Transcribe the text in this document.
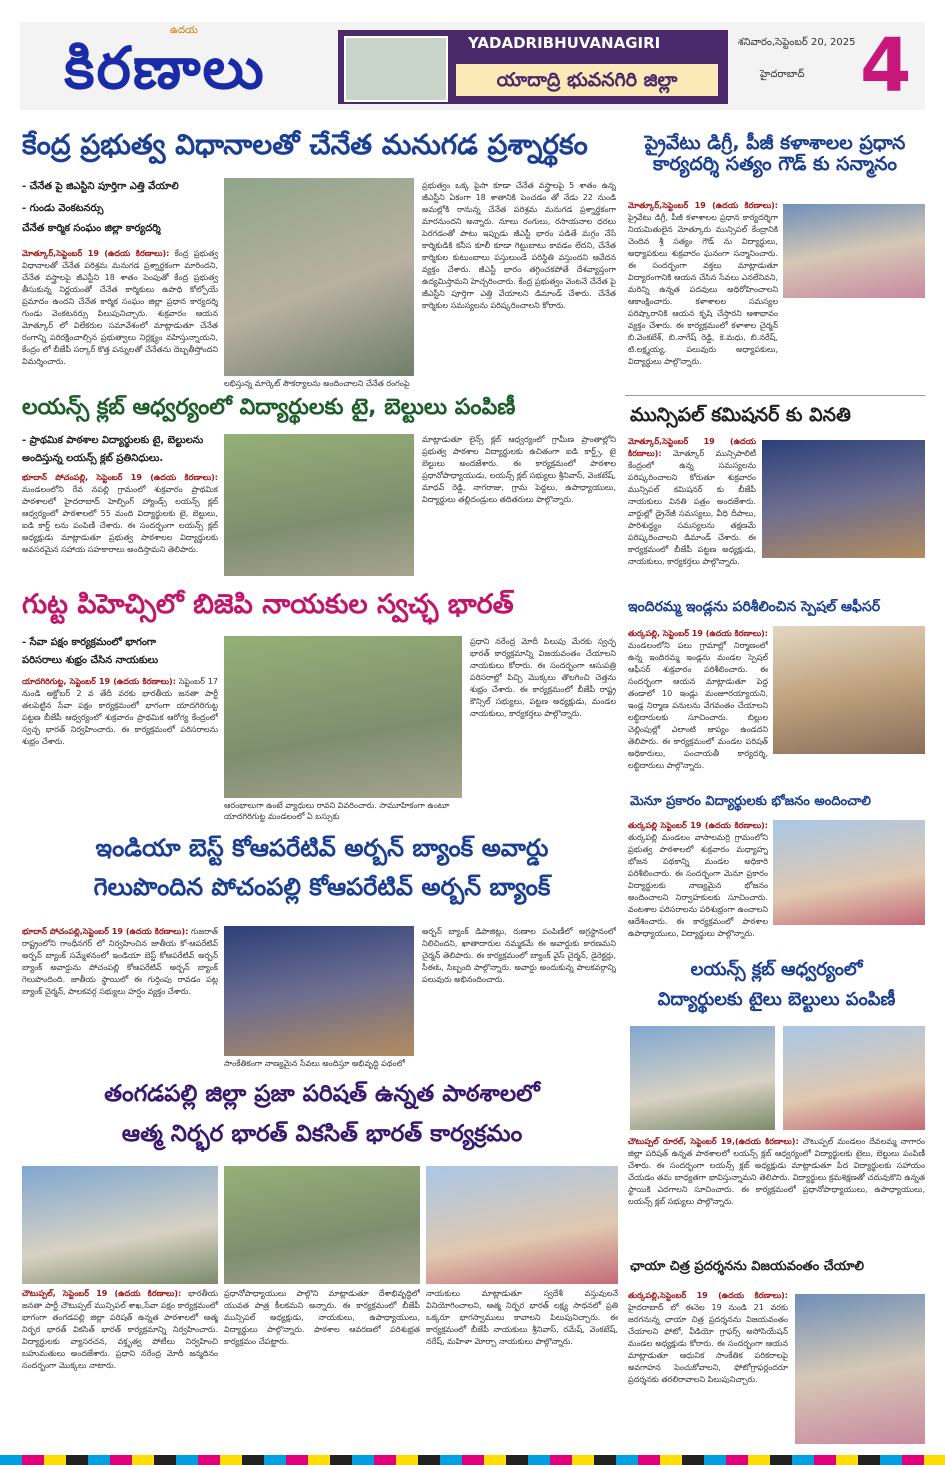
ఉదయ
కిరణాలు	YADADRIBHUVANAGIRI
యాదాద్రి భువనగిరి జిల్లా
శనివారం,సెప్టెంబర్ 20, 2025
హైదరాబాద్ 4
కేంద్ర ప్రభుత్వ విధానాలతో చేనేత మనుగడ ప్రశ్నార్థకం
- చేనేత పై జిఎస్టిని పూర్తిగా ఎత్తి వేయాలి
- గుండు వెంకటనర్సు
చేనేత కార్మిక సంఘం జిల్లా కార్యదర్శి
మోత్కూర్,సెప్టెంబర్ 19 (ఉదయ కిరణాలు): కేంద్ర ప్రభుత్వ విధానాలతో చేనేత పరిశ్రమ మనుగడ ప్రశ్నార్థకంగా మారిందని, చేనేత వస్త్రాలపై జీఎస్టీని 18 శాతం పెంపుతో కేంద్ర ప్రభుత్వ తీసుకున్న నిర్ణయంతో చేనేత కార్మికులు ఉపాధి కోల్పోయే ప్రమాదం ఉందని చేనేత కార్మిక సంఘం జిల్లా ప్రధాన కార్యదర్శి గుండు వెంకటనర్సు పిలుపునిచ్చారు. శుక్రవారం ఆయన మోత్కూర్ లో విలేకరుల సమావేశంలో మాట్లాడుతూ చేనేత రంగాన్ని పరిరక్షించాల్సిన ప్రభుత్వాలు నిర్లక్ష్యం వహిస్తున్నాయని, కేంద్రం లో బీజేపీ సర్కార్ కొత్త పన్నులతో చేనేతను దెబ్బతీస్తోందని విమర్శించారు.
లభిస్తున్న మార్కెట్ సౌకర్యాలను అందించాలని చేనేత రంగంపై
ప్రభుత్వం ఒక్క పైసా కూడా చేనేత వస్త్రాలపై 5 శాతం ఉన్న జీఎస్టీని ఏకంగా 18 శాతానికి పెంచడం తో నేడు 22 నుండి అమల్లోకి రానున్న చేనేత పరిశ్రమ మనుగడ ప్రశ్నార్థకంగా మారనుందని అన్నారు. నూలు రంగులు, రసాయనాల ధరలు పెరగడంతో పాటు ఇప్పుడు జీఎస్టీ భారం పడితే మగ్గం నేసే కార్మికుడికి కనీస కూలీ కూడా గిట్టుబాటు కావడం లేదని, చేనేత కార్మికుల కుటుంబాలు పస్తులుండే పరిస్థితి వస్తుందని ఆవేదన వ్యక్తం చేశారు. జీఎస్టీ భారం తగ్గించకపోతే దేశవ్యాప్తంగా ఉద్యమిస్తామని హెచ్చరించారు. కేంద్ర ప్రభుత్వం వెంటనే చేనేత పై జీఎస్టీని పూర్తిగా ఎత్తి వేయాలని డిమాండ్ చేశారు. చేనేత కార్మికుల సమస్యలను పరిష్కరించాలని కోరారు.
ప్రైవేటు డిగ్రీ, పీజీ కళాశాలల ప్రధాన కార్యదర్శి సత్యం గౌడ్ కు సన్మానం
మోత్కూర్,సెప్టెంబర్ 19 (ఉదయ కిరణాలు): ప్రైవేటు డిగ్రీ, పీజీ కళాశాలల ప్రధాన కార్యదర్శిగా నియమితులైన మోత్కూరు మున్సిపల్ కేంద్రానికి చెందిన శ్రీ సత్యం గౌడ్ ను విద్యార్థులు, అధ్యాపకులు శుక్రవారం ఘనంగా సన్మానించారు. ఈ సందర్భంగా వక్తలు మాట్లాడుతూ విద్యారంగానికి ఆయన చేసిన సేవలు ఎనలేనివని, మరిన్ని ఉన్నత పదవులు అధిరోహించాలని ఆకాంక్షించారు. కళాశాలల సమస్యల పరిష్కారానికి ఆయన కృషి చేస్తారని ఆశాభావం వ్యక్తం చేశారు. ఈ కార్యక్రమంలో కళాశాల చైర్మన్ బి.వెంకటేశ్, బి.నాగేష్ రెడ్డి, కె.మధు, బి.నరేష్, టి.లక్ష్మయ్య, పలువురు అధ్యాపకులు, విద్యార్థులు పాల్గొన్నారు.
లయన్స్ క్లబ్ ఆధ్వర్యంలో విద్యార్థులకు టై, బెల్టులు పంపిణీ
- ప్రాథమిక పాఠశాల విద్యార్థులకు టై, బెల్టులను
అందిస్తున్న లయన్స్ క్లబ్ ప్రతినిధులు.
భూదాన్ పోచంపల్లి, సెప్టెంబర్ 19 (ఉదయ కిరణాలు): మండలంలోని రేవ నపల్లి గ్రామంలో శుక్రవారం ప్రాథమిక పాఠశాలలో హైదరాబాద్ హెల్పింగ్ హ్యాండ్స్ లయన్స్ క్లబ్ ఆధ్వర్యంలో పాఠశాలలో 55 మంది విద్యార్థులకు టై, బెల్టులు, ఐడి కార్డ్ లను పంపిణీ చేశారు. ఈ సందర్భంగా లయన్స్ క్లబ్ అధ్యక్షుడు మాట్లాడుతూ ప్రభుత్వ పాఠశాలల విద్యార్థులకు అవసరమైన సహాయ సహకారాలు అందిస్తామని తెలిపారు.
మాట్లాడుతూ లైన్స్ క్లబ్ ఆధ్వర్యంలో గ్రామీణ ప్రాంతాల్లోని ప్రభుత్వ పాఠశాల విద్యార్థులకు ఉచితంగా ఐడి కార్డ్స్, టై బెల్టులు అందజేశారు. ఈ కార్యక్రమంలో పాఠశాల ప్రధానోపాధ్యాయుడు, లయన్స్ క్లబ్ సభ్యులు శ్రీనివాస్, వెంకటేష్, మాధవ్ రెడ్డి, నాగరాజు, గ్రామ పెద్దలు, ఉపాధ్యాయులు, విద్యార్థులు తల్లిదండ్రులు తదితరులు పాల్గొన్నారు.
మున్సిపల్ కమిషనర్ కు వినతి
మోత్కూర్,సెప్టెంబర్ 19 (ఉదయ కిరణాలు): మోత్కూర్ మున్సిపాలిటీ కేంద్రంలో ఉన్న సమస్యలను పరిష్కరించాలని కోరుతూ శుక్రవారం మున్సిపల్ కమిషనర్ కు బీజేపీ నాయకులు వినతి పత్రం అందజేశారు. వార్డుల్లో డ్రైనేజీ సమస్యలు, వీధి దీపాలు, పారిశుద్ధ్యం సమస్యలను తక్షణమే పరిష్కరించాలని డిమాండ్ చేశారు. ఈ కార్యక్రమంలో బీజేపీ పట్టణ అధ్యక్షుడు, నాయకులు, కార్యకర్తలు పాల్గొన్నారు.
గుట్ట పిహెచ్సిలో బిజెపి నాయకుల స్వచ్ఛ భారత్
- సేవా పక్షం కార్యక్రమంలో భాగంగా
పరిసరాలు శుభ్రం చేసిన నాయకులు
యాదగిరిగుట్ట, సెప్టెంబర్ 19 (ఉదయ కిరణాలు): సెప్టెంబర్ 17 నుండి అక్టోబర్ 2 వ తేదీ వరకు భారతీయ జనతా పార్టీ తలపెట్టిన సేవా పక్షం కార్యక్రమంలో భాగంగా యాదగిరిగుట్ట పట్టణ బీజేపీ ఆధ్వర్యంలో శుక్రవారం ప్రాథమిక ఆరోగ్య కేంద్రంలో స్వచ్ఛ భారత్ నిర్వహించారు. ఈ కార్యక్రమంలో పరిసరాలను శుభ్రం చేశారు.
ఆరంభాలుగా ఉంటే వ్యాధులు రావని వివరించారు. సామూహికంగా ఉంటూ యాదగిరిగుట్ట మండలంలో ఏ బస్సుకు
ప్రధాని నరేంద్ర మోదీ పిలుపు మేరకు స్వచ్ఛ భారత్ కార్యక్రమాన్ని విజయవంతం చేయాలని నాయకులు కోరారు. ఈ సందర్భంగా ఆసుపత్రి పరిసరాల్లో పిచ్చి మొక్కలు తొలగించి చెత్తను శుభ్రం చేశారు. ఈ కార్యక్రమంలో బీజేపీ రాష్ట్ర కౌన్సిల్ సభ్యులు, పట్టణ అధ్యక్షుడు, మండల నాయకులు, కార్యకర్తలు పాల్గొన్నారు.
ఇందిరమ్మ ఇండ్లను పరిశీలించిన స్పెషల్ ఆఫీసర్
తుర్కపల్లి, సెప్టెంబర్ 19 (ఉదయ కిరణాలు): మండలంలోని పలు గ్రామాల్లో నిర్మాణంలో ఉన్న ఇందిరమ్మ ఇండ్లను మండల స్పెషల్ ఆఫీసర్ శుక్రవారం పరిశీలించారు. ఈ సందర్భంగా ఆయన మాట్లాడుతూ పెద్ద తండాలో 10 ఇండ్లు మంజూరయ్యాయని, ఇండ్ల నిర్మాణ పనులను వేగవంతం చేయాలని లబ్ధిదారులకు సూచించారు. బిల్లుల చెల్లింపుల్లో ఎలాంటి జాప్యం ఉండదని తెలిపారు. ఈ కార్యక్రమంలో మండల పరిషత్ అధికారులు, పంచాయతీ కార్యదర్శి, లబ్ధిదారులు పాల్గొన్నారు.
మెనూ ప్రకారం విద్యార్థులకు భోజనం అందించాలి
తుర్కపల్లి సెప్టెంబర్ 19 (ఉదయ కిరణాలు): తుర్కపల్లి మండలం వాసాలమర్రి గ్రామంలోని ప్రభుత్వ పాఠశాలలో శుక్రవారం మధ్యాహ్న భోజన పథకాన్ని మండల అధికారి పరిశీలించారు. ఈ సందర్భంగా మెనూ ప్రకారం విద్యార్థులకు నాణ్యమైన భోజనం అందించాలని నిర్వాహకులకు సూచించారు. వంటశాల పరిసరాలను పరిశుభ్రంగా ఉంచాలని ఆదేశించారు. ఈ కార్యక్రమంలో పాఠశాల ఉపాధ్యాయులు, విద్యార్థులు పాల్గొన్నారు.
ఇండియా బెస్ట్ కోఆపరేటివ్ అర్బన్ బ్యాంక్ అవార్డు
గెలుపొందిన పోచంపల్లి కోఆపరేటివ్ అర్బన్ బ్యాంక్
భూదాన్ పోచంపల్లి,సెప్టెంబర్ 19 (ఉదయ కిరణాలు): గుజరాత్ రాష్ట్రంలోని గాంధీనగర్ లో నిర్వహించిన జాతీయ కో-ఆపరేటివ్ అర్బన్ బ్యాంక్ సమ్మేళనంలో ఇండియా బెస్ట్ కోఆపరేటివ్ అర్బన్ బ్యాంక్ అవార్డును పోచంపల్లి కోఆపరేటివ్ అర్బన్ బ్యాంక్ గెలుపొందింది. జాతీయ స్థాయిలో ఈ గుర్తింపు రావడం పట్ల బ్యాంక్ చైర్మన్, పాలకవర్గ సభ్యులు హర్షం వ్యక్తం చేశారు.
సాంకేతికంగా నాణ్యమైన సేవలు అందిస్తూ అభివృద్ధి పథంలో
అర్బన్ బ్యాంక్ డిపాజిట్లు, రుణాల పంపిణీలో అగ్రస్థానంలో నిలిచిందని, ఖాతాదారుల నమ్మకమే ఈ అవార్డుకు కారణమని చైర్మన్ తెలిపారు. ఈ కార్యక్రమంలో బ్యాంక్ వైస్ చైర్మన్, డైరెక్టర్లు, సీఈఓ, సిబ్బంది పాల్గొన్నారు. అవార్డు అందుకున్న పాలకవర్గాన్ని పలువురు అభినందించారు.	లయన్స్ క్లబ్ ఆధ్వర్యంలో
విద్యార్థులకు టైలు బెల్టులు పంపిణీ
చౌటుప్పల్ రూరల్, సెప్టెంబర్ 19,(ఉదయ కిరణాలు): చౌటుప్పల్ మండలం దేవలమ్మ నాగారం జిల్లా పరిషత్ ఉన్నత పాఠశాలలో లయన్స్ క్లబ్ ఆధ్వర్యంలో విద్యార్థులకు టైలు, బెల్టులు పంపిణీ చేశారు. ఈ సందర్భంగా లయన్స్ క్లబ్ అధ్యక్షుడు మాట్లాడుతూ పేద విద్యార్థులకు సహాయం చేయడం తమ బాధ్యతగా భావిస్తున్నామని తెలిపారు. విద్యార్థులు క్రమశిక్షణతో చదువుకొని ఉన్నత స్థాయికి ఎదగాలని సూచించారు. ఈ కార్యక్రమంలో ప్రధానోపాధ్యాయులు, ఉపాధ్యాయులు, లయన్స్ క్లబ్ సభ్యులు పాల్గొన్నారు.
తంగడపల్లి జిల్లా ప్రజా పరిషత్ ఉన్నత పాఠశాలలో
ఆత్మ నిర్భర భారత్ వికసిత్ భారత్ కార్యక్రమం
చౌటుప్పల్, సెప్టెంబర్ 19 (ఉదయ కిరణాలు): భారతీయ జనతా పార్టీ చౌటుప్పల్ మున్సిపల్ శాఖ,సేవా పక్షం కార్యక్రమంలో భాగంగా తంగడపల్లి జిల్లా పరిషత్ ఉన్నత పాఠశాలలో ఆత్మ నిర్భర భారత్ వికసిత్ భారత్ కార్యక్రమాన్ని నిర్వహించారు. విద్యార్థులకు వ్యాసరచన, వక్తృత్వ పోటీలు నిర్వహించి బహుమతులు అందజేశారు. ప్రధాని నరేంద్ర మోదీ జన్మదినం సందర్భంగా మొక్కలు నాటారు.
ప్రధానోపాధ్యాయులు పాల్గొని మాట్లాడుతూ దేశాభివృద్ధిలో యువత పాత్ర కీలకమని అన్నారు. ఈ కార్యక్రమంలో బీజేపీ మున్సిపల్ అధ్యక్షుడు, నాయకులు, ఉపాధ్యాయులు, విద్యార్థులు పాల్గొన్నారు. పాఠశాల ఆవరణలో పరిశుభ్రత కార్యక్రమం చేపట్టారు.
నాయకులు మాట్లాడుతూ స్వదేశీ వస్తువులనే వినియోగించాలని, ఆత్మ నిర్భర భారత్ లక్ష్య సాధనలో ప్రతి ఒక్కరూ భాగస్వాములు కావాలని పిలుపునిచ్చారు. ఈ కార్యక్రమంలో బీజేపీ నాయకులు శ్రీనివాస్, రమేష్, వెంకటేష్, నరేష్, మహిళా మోర్చా నాయకులు పాల్గొన్నారు.
ఛాయా చిత్ర ప్రదర్శనను విజయవంతం చేయాలి
తుర్కపల్లి,సెప్టెంబర్ 19 (ఉదయ కిరణాలు): హైదరాబాద్ లో ఈనెల 19 నుండి 21 వరకు జరగనున్న ఛాయా చిత్ర ప్రదర్శనను విజయవంతం చేయాలని ఫోటో, వీడియో గ్రాఫర్స్ అసోసియేషన్ మండల అధ్యక్షుడు కోరారు. ఈ సందర్భంగా ఆయన మాట్లాడుతూ ఆధునిక సాంకేతిక పరికరాలపై అవగాహన పెంచుకోవాలని, ఫోటోగ్రాఫర్లందరూ ప్రదర్శనకు తరలిరావాలని పిలుపునిచ్చారు.
